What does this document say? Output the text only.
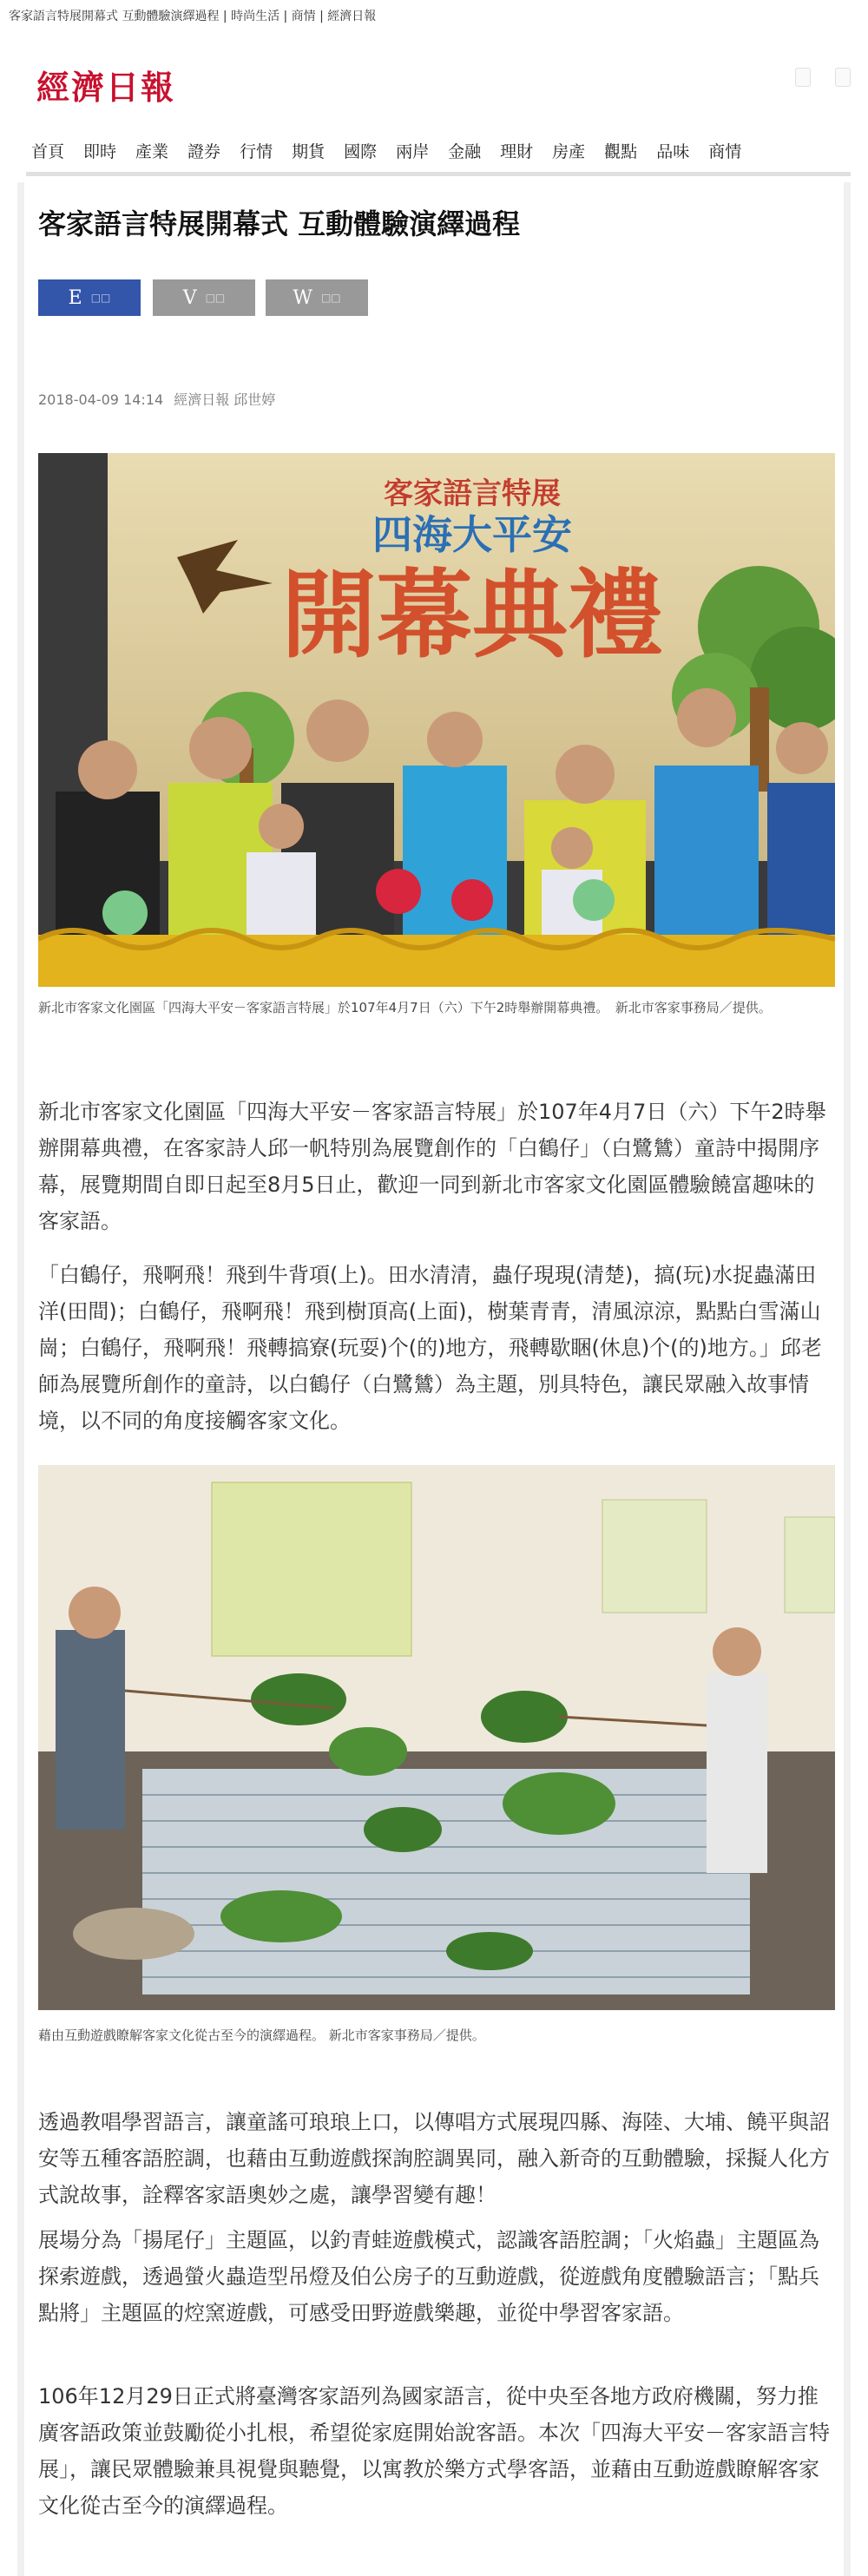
客家語言特展開幕式 互動體驗演繹過程 | 時尚生活 | 商情 | 經濟日報
經濟日報
首頁 即時 產業 證券 行情 期貨 國際 兩岸 金融 理財 房產 觀點 品味 商情
客家語言特展開幕式 互動體驗演繹過程
E □□	V □□	W □□
2018-04-09 14:14 經濟日報 邱世婷
客家語言特展
四海大平安
開幕典禮
新北市客家文化園區「四海大平安－客家語言特展」於107年4月7日（六）下午2時舉辦開幕典禮。　新北市客家事務局／提供。

新北市客家文化園區「四海大平安－客家語言特展」於107年4月7日（六）下午2時舉辦開幕典禮，在客家詩人邱一帆特別為展覽創作的「白鶴仔」（白鷺鷥）童詩中揭開序幕，展覽期間自即日起至8月5日止，歡迎一同到新北市客家文化園區體驗饒富趣味的客家語。

「白鶴仔，飛啊飛！飛到牛背項(上)。田水清清，蟲仔現現(清楚)，搞(玩)水捉蟲滿田洋(田間)；白鶴仔，飛啊飛！飛到樹頂高(上面)，樹葉青青，清風涼涼，點點白雪滿山崗；白鶴仔，飛啊飛！飛轉搞寮(玩耍)个(的)地方，飛轉歇睏(休息)个(的)地方。」邱老師為展覽所創作的童詩，以白鶴仔（白鷺鷥）為主題，別具特色，讓民眾融入故事情境，以不同的角度接觸客家文化。

藉由互動遊戲瞭解客家文化從古至今的演繹過程。 新北市客家事務局／提供。

透過教唱學習語言，讓童謠可琅琅上口，以傳唱方式展現四縣、海陸、大埔、饒平與詔安等五種客語腔調，也藉由互動遊戲探詢腔調異同，融入新奇的互動體驗，採擬人化方式說故事，詮釋客家語奧妙之處，讓學習變有趣！

展場分為「揚尾仔」主題區，以釣青蛙遊戲模式，認識客語腔調；「火焰蟲」主題區為探索遊戲，透過螢火蟲造型吊燈及伯公房子的互動遊戲，從遊戲角度體驗語言；「點兵點將」主題區的焢窯遊戲，可感受田野遊戲樂趣，並從中學習客家語。

106年12月29日正式將臺灣客家語列為國家語言，從中央至各地方政府機關，努力推廣客語政策並鼓勵從小扎根，希望從家庭開始說客語。本次「四海大平安－客家語言特展」，讓民眾體驗兼具視覺與聽覺，以寓教於樂方式學客語，並藉由互動遊戲瞭解客家文化從古至今的演繹過程。
